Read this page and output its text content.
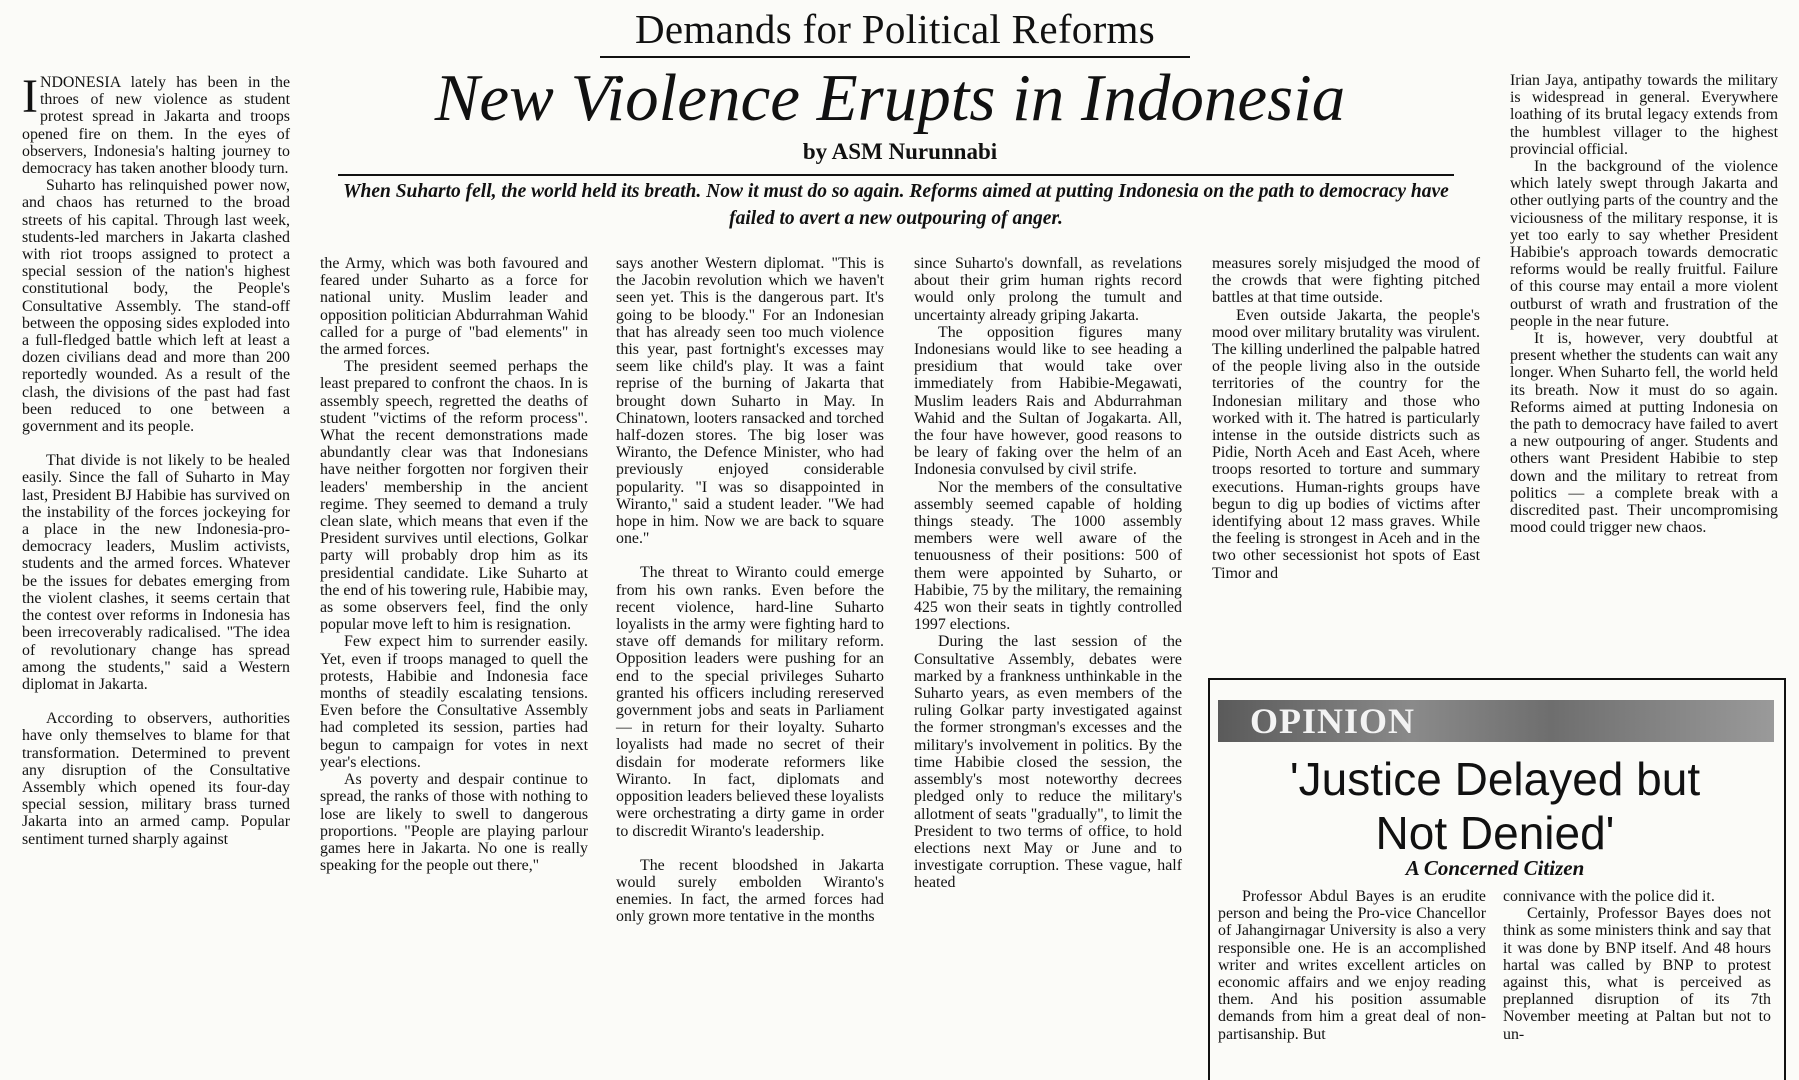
Demands for Political Reforms
New Violence Erupts in Indonesia
by ASM Nurunnabi
When Suharto fell, the world held its breath. Now it must do so again. Reforms aimed at putting Indonesia on the path to democracy have failed to avert a new outpouring of anger.

INDONESIA lately has been in the throes of new violence as student protest spread in Jakarta and troops opened fire on them. In the eyes of observers, Indonesia's halting journey to democracy has taken another bloody turn.

Suharto has relinquished power now, and chaos has returned to the broad streets of his capital. Through last week, students-led marchers in Jakarta clashed with riot troops assigned to protect a special session of the nation's highest constitutional body, the People's Consultative Assembly. The stand-off between the opposing sides exploded into a full-fledged battle which left at least a dozen civilians dead and more than 200 reportedly wounded. As a result of the clash, the divisions of the past had fast been reduced to one between a government and its people.

That divide is not likely to be healed easily. Since the fall of Suharto in May last, President BJ Habibie has survived on the instability of the forces jockeying for a place in the new Indonesia-pro-democracy leaders, Muslim activists, students and the armed forces. Whatever be the issues for debates emerging from the violent clashes, it seems certain that the contest over reforms in Indonesia has been irrecoverably radicalised. "The idea of revolutionary change has spread among the students," said a Western diplomat in Jakarta.

According to observers, authorities have only themselves to blame for that transformation. Determined to prevent any disruption of the Consultative Assembly which opened its four-day special session, military brass turned Jakarta into an armed camp. Popular sentiment turned sharply against

the Army, which was both favoured and feared under Suharto as a force for national unity. Muslim leader and opposition politician Abdurrahman Wahid called for a purge of "bad elements" in the armed forces.

The president seemed perhaps the least prepared to confront the chaos. In is assembly speech, regretted the deaths of student "victims of the reform process". What the recent demonstrations made abundantly clear was that Indonesians have neither forgotten nor forgiven their leaders' membership in the ancient regime. They seemed to demand a truly clean slate, which means that even if the President survives until elections, Golkar party will probably drop him as its presidential candidate. Like Suharto at the end of his towering rule, Habibie may, as some observers feel, find the only popular move left to him is resignation.

Few expect him to surrender easily. Yet, even if troops managed to quell the protests, Habibie and Indonesia face months of steadily escalating tensions. Even before the Consultative Assembly had completed its session, parties had begun to campaign for votes in next year's elections.

As poverty and despair continue to spread, the ranks of those with nothing to lose are likely to swell to dangerous proportions. "People are playing parlour games here in Jakarta. No one is really speaking for the people out there,"

says another Western diplomat. "This is the Jacobin revolution which we haven't seen yet. This is the dangerous part. It's going to be bloody." For an Indonesian that has already seen too much violence this year, past fortnight's excesses may seem like child's play. It was a faint reprise of the burning of Jakarta that brought down Suharto in May. In Chinatown, looters ransacked and torched half-dozen stores. The big loser was Wiranto, the Defence Minister, who had previously enjoyed considerable popularity. "I was so disappointed in Wiranto," said a student leader. "We had hope in him. Now we are back to square one."

The threat to Wiranto could emerge from his own ranks. Even before the recent violence, hard-line Suharto loyalists in the army were fighting hard to stave off demands for military reform. Opposition leaders were pushing for an end to the special privileges Suharto granted his officers including rereserved government jobs and seats in Parliament — in return for their loyalty. Suharto loyalists had made no secret of their disdain for moderate reformers like Wiranto. In fact, diplomats and opposition leaders believed these loyalists were orchestrating a dirty game in order to discredit Wiranto's leadership.

The recent bloodshed in Jakarta would surely embolden Wiranto's enemies. In fact, the armed forces had only grown more tentative in the months

since Suharto's downfall, as revelations about their grim human rights record would only prolong the tumult and uncertainty already griping Jakarta.

The opposition figures many Indonesians would like to see heading a presidium that would take over immediately from Habibie-Megawati, Muslim leaders Rais and Abdurrahman Wahid and the Sultan of Jogakarta. All, the four have however, good reasons to be leary of faking over the helm of an Indonesia convulsed by civil strife.

Nor the members of the consultative assembly seemed capable of holding things steady. The 1000 assembly members were well aware of the tenuousness of their positions: 500 of them were appointed by Suharto, or Habibie, 75 by the military, the remaining 425 won their seats in tightly controlled 1997 elections.

During the last session of the Consultative Assembly, debates were marked by a frankness unthinkable in the Suharto years, as even members of the ruling Golkar party investigated against the former strongman's excesses and the military's involvement in politics. By the time Habibie closed the session, the assembly's most noteworthy decrees pledged only to reduce the military's allotment of seats "gradually", to limit the President to two terms of office, to hold elections next May or June and to investigate corruption. These vague, half heated

measures sorely misjudged the mood of the crowds that were fighting pitched battles at that time outside.

Even outside Jakarta, the people's mood over military brutality was virulent. The killing underlined the palpable hatred of the people living also in the outside territories of the country for the Indonesian military and those who worked with it. The hatred is particularly intense in the outside districts such as Pidie, North Aceh and East Aceh, where troops resorted to torture and summary executions. Human-rights groups have begun to dig up bodies of victims after identifying about 12 mass graves. While the feeling is strongest in Aceh and in the two other secessionist hot spots of East Timor and

Irian Jaya, antipathy towards the military is widespread in general. Everywhere loathing of its brutal legacy extends from the humblest villager to the highest provincial official.

In the background of the violence which lately swept through Jakarta and other outlying parts of the country and the viciousness of the military response, it is yet too early to say whether President Habibie's approach towards democratic reforms would be really fruitful. Failure of this course may entail a more violent outburst of wrath and frustration of the people in the near future.

It is, however, very doubtful at present whether the students can wait any longer. When Suharto fell, the world held its breath. Now it must do so again. Reforms aimed at putting Indonesia on the path to democracy have failed to avert a new outpouring of anger. Students and others want President Habibie to step down and the military to retreat from politics — a complete break with a discredited past. Their uncompromising mood could trigger new chaos.

OPINION
'Justice Delayed but
Not Denied'
A Concerned Citizen

Professor Abdul Bayes is an erudite person and being the Pro-vice Chancellor of Jahangirnagar University is also a very responsible one. He is an accomplished writer and writes excellent articles on economic affairs and we enjoy reading them. And his position assumable demands from him a great deal of non-partisanship. But

connivance with the police did it.

Certainly, Professor Bayes does not think as some ministers think and say that it was done by BNP itself. And 48 hours hartal was called by BNP to protest against this, what is perceived as preplanned disruption of its 7th November meeting at Paltan but not to un-
